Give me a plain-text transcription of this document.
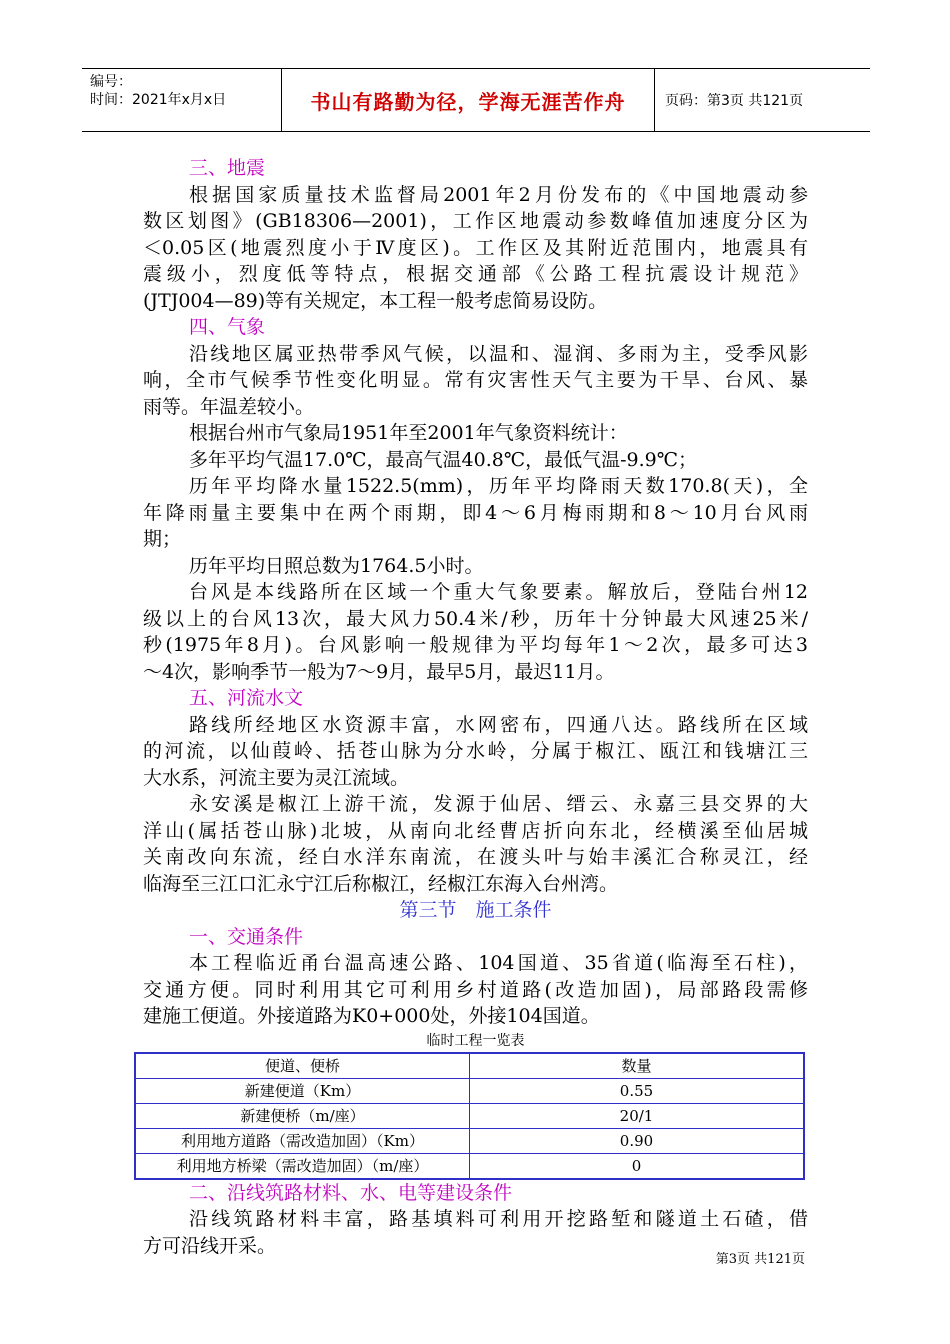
编号：
时间：2021年x月x日	书山有路勤为径，学海无涯苦作舟	页码：第3页 共121页
三、地震
根据国家质量技术监督局2001年2月份发布的《中国地震动参
数区划图》(GB18306—2001)，工作区地震动参数峰值加速度分区为
＜0.05区(地震烈度小于Ⅳ度区)。工作区及其附近范围内，地震具有
震级小，烈度低等特点，根据交通部《公路工程抗震设计规范》
(JTJ004—89)等有关规定，本工程一般考虑简易设防。
四、气象
沿线地区属亚热带季风气候，以温和、湿润、多雨为主，受季风影
响，全市气候季节性变化明显。常有灾害性天气主要为干旱、台风、暴
雨等。年温差较小。
根据台州市气象局1951年至2001年气象资料统计：
多年平均气温17.0℃，最高气温40.8℃，最低气温-9.9℃；
历年平均降水量1522.5(mm)，历年平均降雨天数170.8(天)，全
年降雨量主要集中在两个雨期，即4～6月梅雨期和8～10月台风雨
期；
历年平均日照总数为1764.5小时。
台风是本线路所在区域一个重大气象要素。解放后，登陆台州12
级以上的台风13次，最大风力50.4米/秒，历年十分钟最大风速25米/
秒(1975年8月)。台风影响一般规律为平均每年1～2次，最多可达3
～4次，影响季节一般为7～9月，最早5月，最迟11月。
五、河流水文
路线所经地区水资源丰富，水网密布，四通八达。路线所在区域
的河流，以仙葭岭、括苍山脉为分水岭，分属于椒江、瓯江和钱塘江三
大水系，河流主要为灵江流域。
永安溪是椒江上游干流，发源于仙居、缙云、永嘉三县交界的大
洋山(属括苍山脉)北坡，从南向北经曹店折向东北，经横溪至仙居城
关南改向东流，经白水洋东南流，在渡头叶与始丰溪汇合称灵江，经
临海至三江口汇永宁江后称椒江，经椒江东海入台州湾。
第三节　施工条件
一、交通条件
本工程临近甬台温高速公路、104国道、35省道(临海至石柱)，
交通方便。同时利用其它可利用乡村道路(改造加固)，局部路段需修
建施工便道。外接道路为K0+000处，外接104国道。
临时工程一览表
便道、便桥	数量
新建便道（Km）	0.55
新建便桥（m/座）	20/1
利用地方道路（需改造加固）（Km）	0.90
利用地方桥梁（需改造加固）（m/座）	0
二、沿线筑路材料、水、电等建设条件
沿线筑路材料丰富，路基填料可利用开挖路堑和隧道土石碴，借
方可沿线开采。
第3页 共121页
